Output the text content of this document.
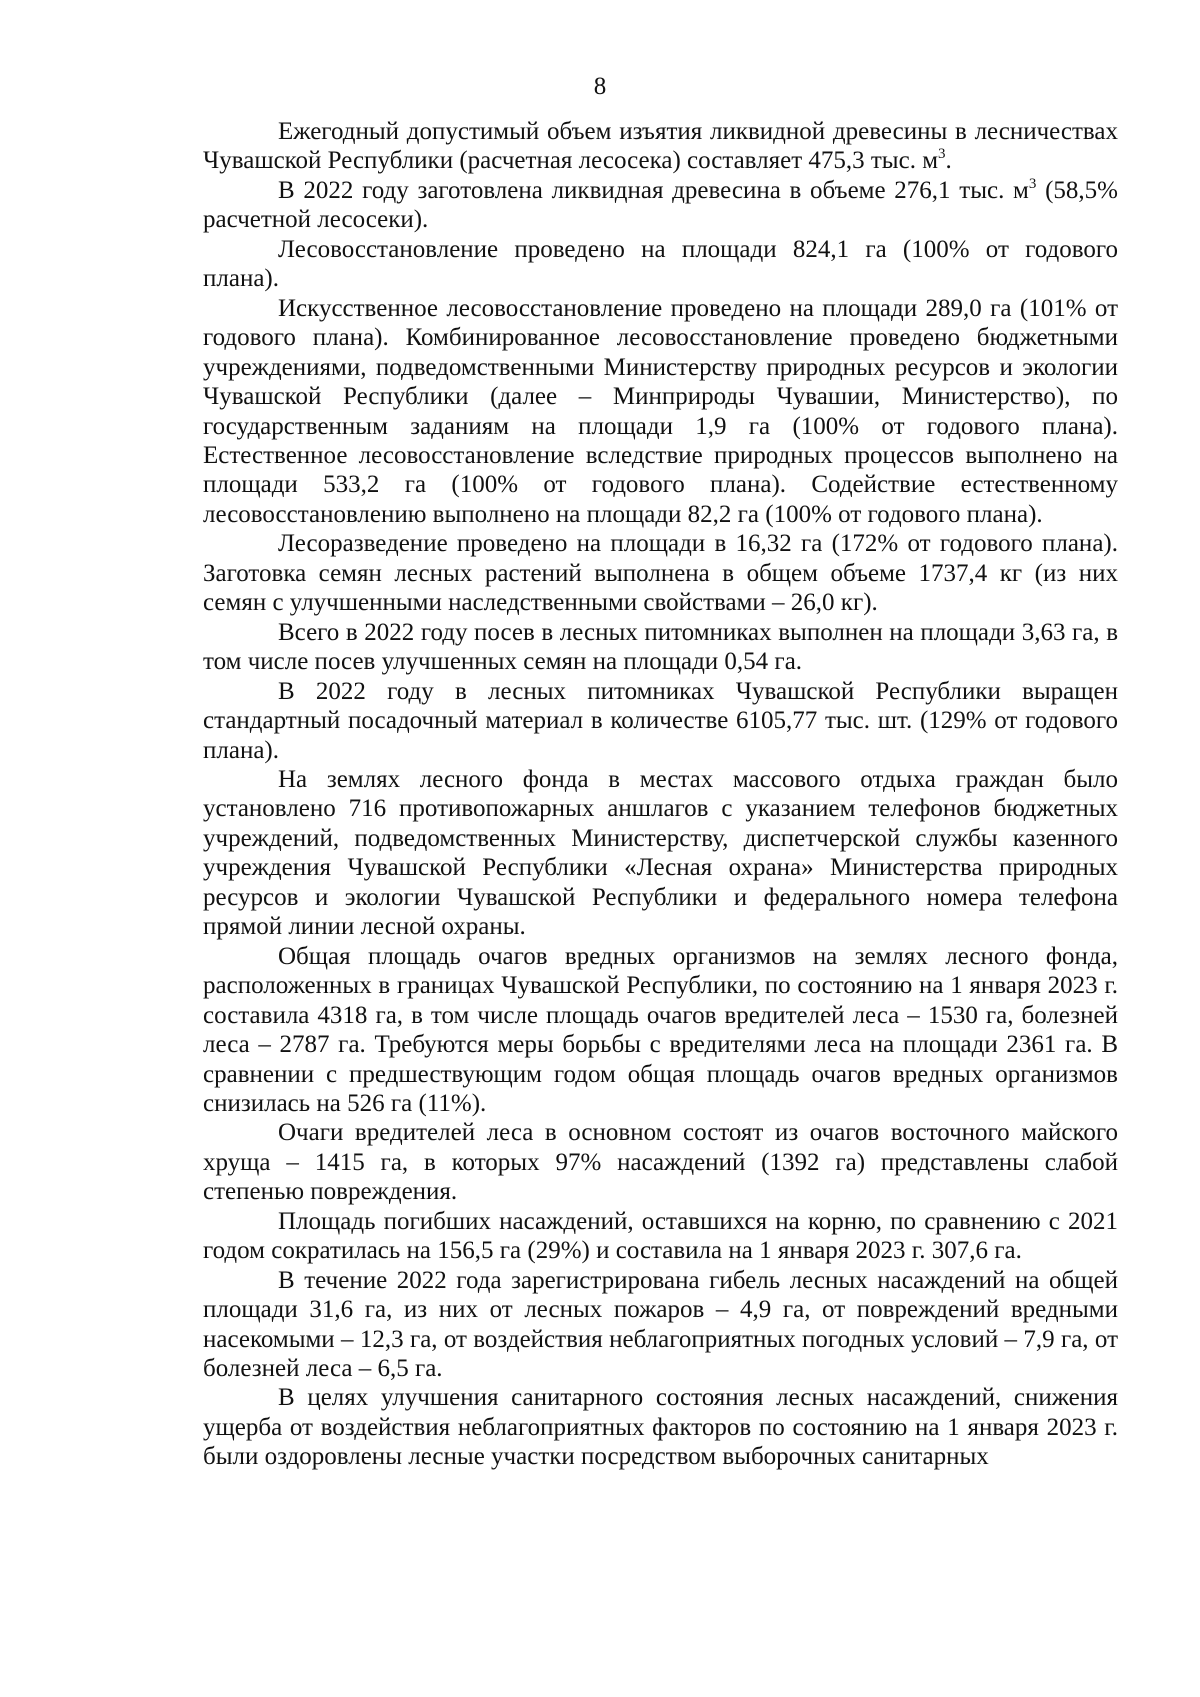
8

Ежегодный допустимый объем изъятия ликвидной древесины в лесничествах Чувашской Республики (расчетная лесосека) составляет 475,3 тыс. $м^3$.

В 2022 году заготовлена ликвидная древесина в объеме 276,1 тыс. $м^3$ (58,5% расчетной лесосеки).

Лесовосстановление проведено на площади 824,1 га (100% от годового плана).

Искусственное лесовосстановление проведено на площади 289,0 га (101% от годового плана). Комбинированное лесовосстановление проведено бюджетными учреждениями, подведомственными Министерству природных ресурсов и экологии Чувашской Республики (далее – Минприроды Чувашии, Министерство), по государственным заданиям на площади 1,9 га (100% от годового плана). Естественное лесовосстановление вследствие природных процессов выполнено на площади 533,2 га (100% от годового плана). Содействие естественному лесовосстановлению выполнено на площади 82,2 га (100% от годового плана).

Лесоразведение проведено на площади в 16,32 га (172% от годового плана). Заготовка семян лесных растений выполнена в общем объеме 1737,4 кг (из них семян с улучшенными наследственными свойствами – 26,0 кг).

Всего в 2022 году посев в лесных питомниках выполнен на площади 3,63 га, в том числе посев улучшенных семян на площади 0,54 га.

В 2022 году в лесных питомниках Чувашской Республики выращен стандартный посадочный материал в количестве 6105,77 тыс. шт. (129% от годового плана).

На землях лесного фонда в местах массового отдыха граждан было установлено 716 противопожарных аншлагов с указанием телефонов бюджетных учреждений, подведомственных Министерству, диспетчерской службы казенного учреждения Чувашской Республики «Лесная охрана» Министерства природных ресурсов и экологии Чувашской Республики и федерального номера телефона прямой линии лесной охраны.

Общая площадь очагов вредных организмов на землях лесного фонда, расположенных в границах Чувашской Республики, по состоянию на 1 января 2023 г. составила 4318 га, в том числе площадь очагов вредителей леса – 1530 га, болезней леса – 2787 га. Требуются меры борьбы с вредителями леса на площади 2361 га. В сравнении с предшествующим годом общая площадь очагов вредных организмов снизилась на 526 га (11%).

Очаги вредителей леса в основном состоят из очагов восточного майского хруща – 1415 га, в которых 97% насаждений (1392 га) представлены слабой степенью повреждения.

Площадь погибших насаждений, оставшихся на корню, по сравнению с 2021 годом сократилась на 156,5 га (29%) и составила на 1 января 2023 г. 307,6 га.

В течение 2022 года зарегистрирована гибель лесных насаждений на общей площади 31,6 га, из них от лесных пожаров – 4,9 га, от повреждений вредными насекомыми – 12,3 га, от воздействия неблагоприятных погодных условий – 7,9 га, от болезней леса – 6,5 га.

В целях улучшения санитарного состояния лесных насаждений, снижения ущерба от воздействия неблагоприятных факторов по состоянию на 1 января 2023 г. были оздоровлены лесные участки посредством выборочных санитарных
